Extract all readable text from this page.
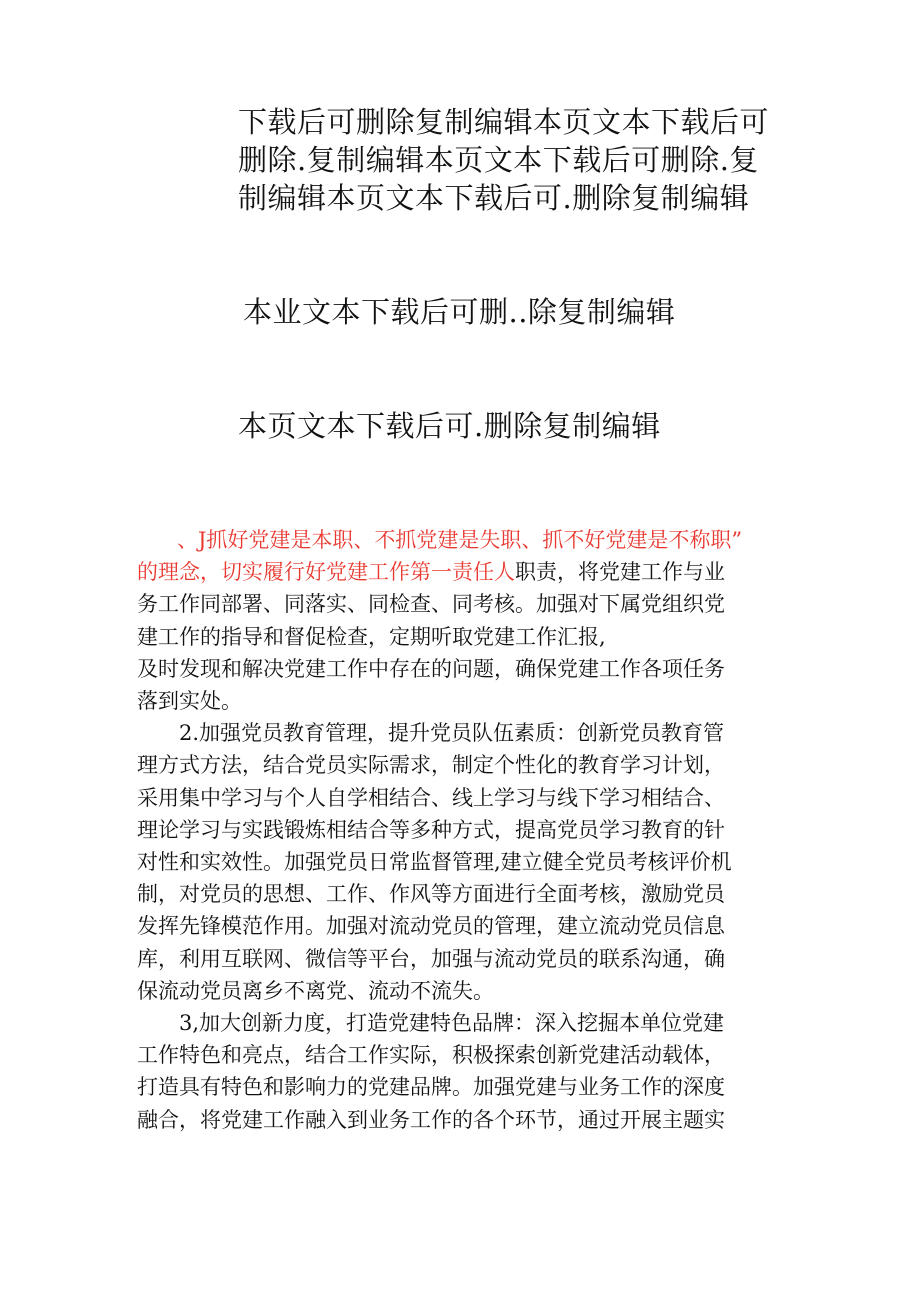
下载后可删除复制编辑本页文本下载后可
删除.复制编辑本页文本下载后可删除.复
制编辑本页文本下载后可.删除复制编辑
本业文本下载后可删..除复制编辑
本页文本下载后可.删除复制编辑
、J抓好党建是本职、不抓党建是失职、抓不好党建是不称职”
的理念，切实履行好党建工作第一责任人职责，将党建工作与业
务工作同部署、同落实、同检查、同考核。加强对下属党组织党
建工作的指导和督促检查，定期听取党建工作汇报,
及时发现和解决党建工作中存在的问题，确保党建工作各项任务
落到实处。
2.加强党员教育管理，提升党员队伍素质：创新党员教育管
理方式方法，结合党员实际需求，制定个性化的教育学习计划，
采用集中学习与个人自学相结合、线上学习与线下学习相结合、
理论学习与实践锻炼相结合等多种方式，提高党员学习教育的针
对性和实效性。加强党员日常监督管理,建立健全党员考核评价机
制，对党员的思想、工作、作风等方面进行全面考核，激励党员
发挥先锋模范作用。加强对流动党员的管理，建立流动党员信息
库，利用互联网、微信等平台，加强与流动党员的联系沟通，确
保流动党员离乡不离党、流动不流失。
3,加大创新力度，打造党建特色品牌：深入挖掘本单位党建
工作特色和亮点，结合工作实际，积极探索创新党建活动载体，
打造具有特色和影响力的党建品牌。加强党建与业务工作的深度
融合，将党建工作融入到业务工作的各个环节，通过开展主题实
